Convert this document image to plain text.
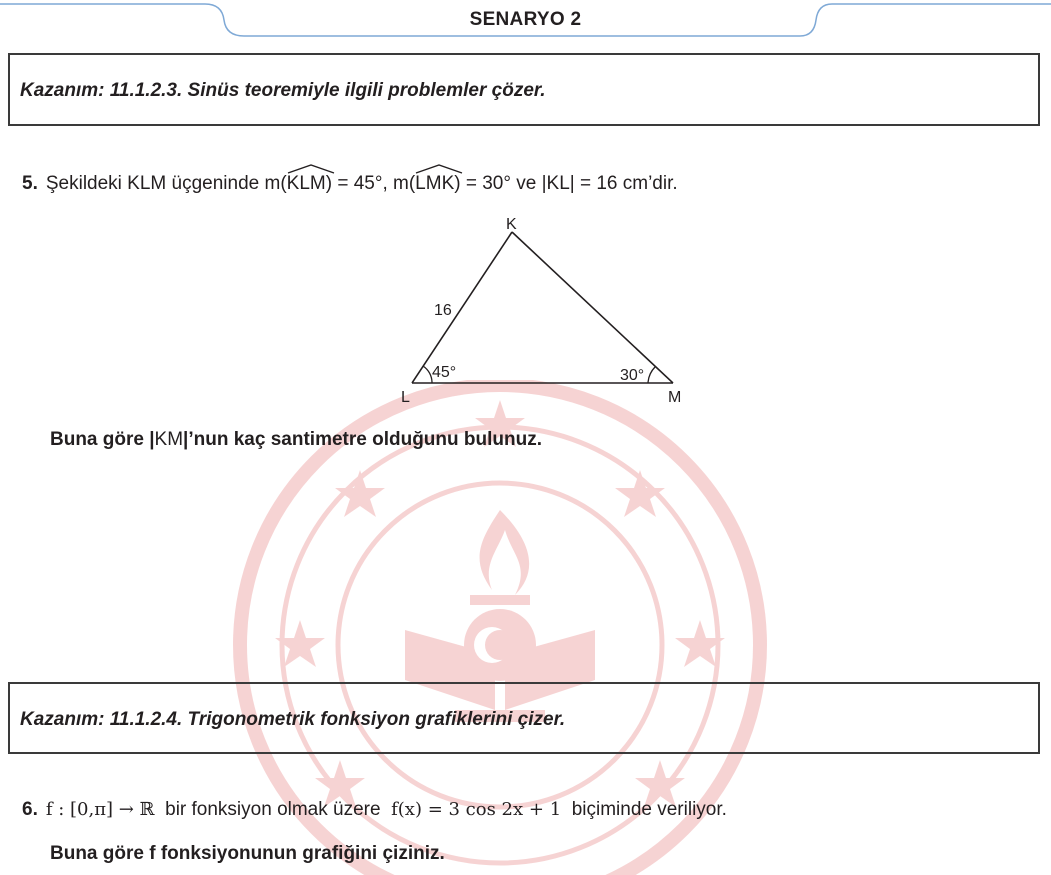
SENARYO 2
Kazanım: 11.1.2.3. Sinüs teoremiyle ilgili problemler çözer.
5. Şekildeki KLM üçgeninde m(
KLM) = 45°, m(
LMK) = 30° ve |KL| = 16 cm’dir.
K
L	M
16
45°	30°
Buna göre |KM|’nun kaç santimetre olduğunu bulunuz.
Kazanım: 11.1.2.4. Trigonometrik fonksiyon grafiklerini çizer.
6. f : [0,π] → ℝ bir fonksiyon olmak üzere f(x) = 3 cos 2x + 1 biçiminde veriliyor.
Buna göre f fonksiyonunun grafiğini çiziniz.
